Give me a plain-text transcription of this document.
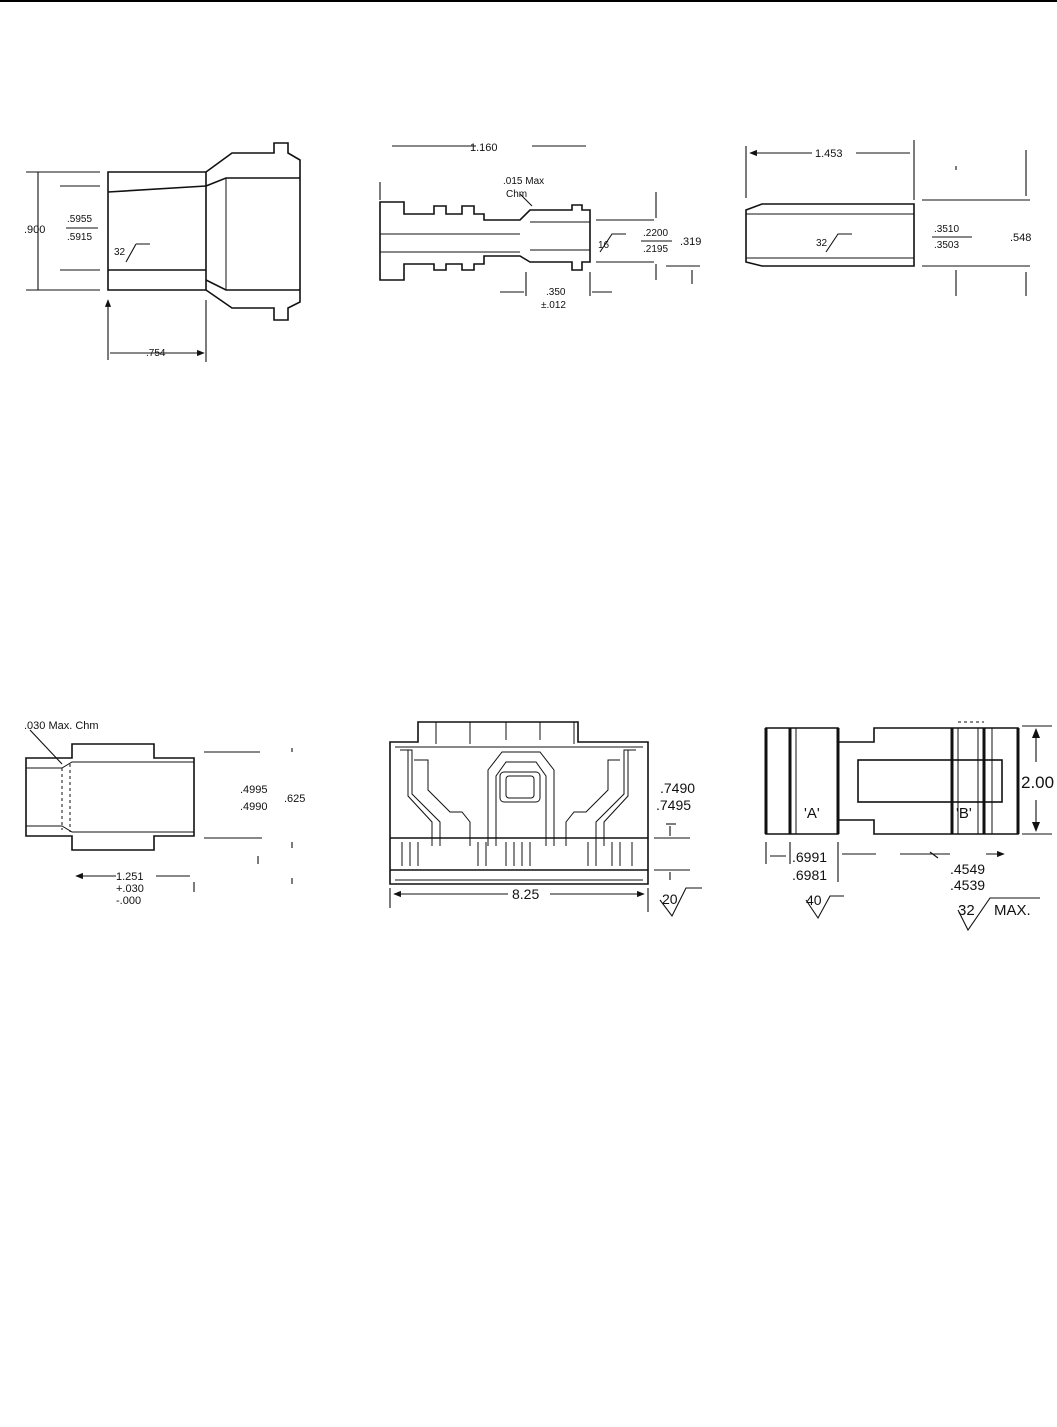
.900
.5955
.5915
32
.754
1.160
.015 Max
Chm
16
.2200
.2195
.319
.350
±.012
1.453
32
.3510
.3503
.548
.030 Max. Chm
.4995
.4990
.625
1.251
+.030
-.000
.7490
.7495
8.25	20
'A'	'B'
2.00
.6991
.6981	.4549
.4539
40
32 MAX.
